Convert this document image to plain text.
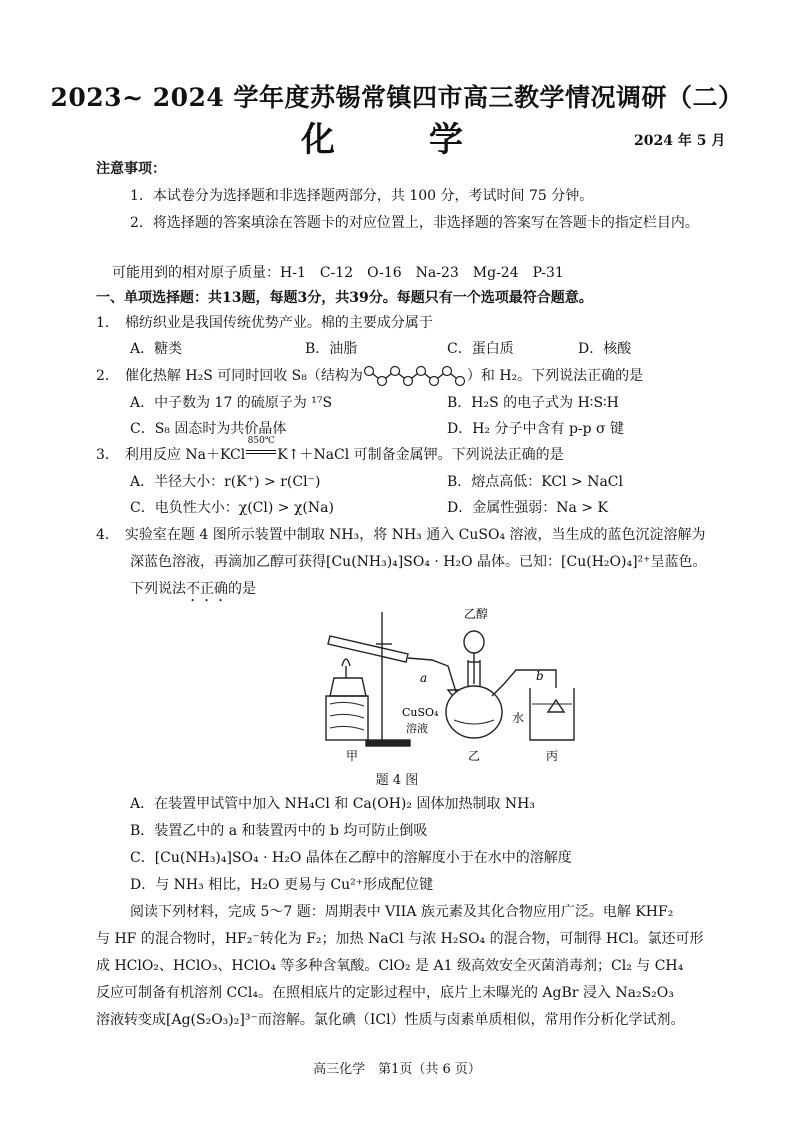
2023~ 2024 学年度苏锡常镇四市高三教学情况调研（二）
化　学	2024 年 5 月
注意事项：
1．本试卷分为选择题和非选择题两部分，共 100 分，考试时间 75 分钟。
2．将选择题的答案填涂在答题卡的对应位置上，非选择题的答案写在答题卡的指定栏目内。
可能用到的相对原子质量：H-1　C-12　O-16　Na-23　Mg-24　P-31
一、单项选择题：共13题，每题3分，共39分。每题只有一个选项最符合题意。
1． 棉纺织业是我国传统优势产业。棉的主要成分属于
A．糖类	B．油脂	C．蛋白质	D．核酸
2． 催化热解 H₂S 可同时回收 S₈（结构为	）和 H₂。下列说法正确的是
A．中子数为 17 的硫原子为 ¹⁷S	B．H₂S 的电子式为 H∶S∶H
C．S₈ 固态时为共价晶体	D．H₂ 分子中含有 p-p σ 键
3． 利用反应 Na＋KCl
850℃
K↑＋NaCl 可制备金属钾。下列说法正确的是
A．半径大小：r(K⁺) > r(Cl⁻)	B．熔点高低：KCl > NaCl
C．电负性大小：χ(Cl) > χ(Na)	D．金属性强弱：Na > K
4． 实验室在题 4 图所示装置中制取 NH₃，将 NH₃ 通入 CuSO₄ 溶液，当生成的蓝色沉淀溶解为
深蓝色溶液，再滴加乙醇可获得[Cu(NH₃)₄]SO₄ · H₂O 晶体。已知：[Cu(H₂O)₄]²⁺呈蓝色。
下列说法不正确的是
乙醇
a	b
CuSO₄
溶液
水
甲	乙	丙
题 4 图
A．在装置甲试管中加入 NH₄Cl 和 Ca(OH)₂ 固体加热制取 NH₃
B．装置乙中的 a 和装置丙中的 b 均可防止倒吸
C．[Cu(NH₃)₄]SO₄ · H₂O 晶体在乙醇中的溶解度小于在水中的溶解度
D．与 NH₃ 相比，H₂O 更易与 Cu²⁺形成配位键
阅读下列材料，完成 5～7 题：周期表中 VIIA 族元素及其化合物应用广泛。电解 KHF₂
与 HF 的混合物时，HF₂⁻转化为 F₂；加热 NaCl 与浓 H₂SO₄ 的混合物，可制得 HCl。氯还可形
成 HClO₂、HClO₃、HClO₄ 等多种含氧酸。ClO₂ 是 A1 级高效安全灭菌消毒剂；Cl₂ 与 CH₄
反应可制备有机溶剂 CCl₄。在照相底片的定影过程中，底片上未曝光的 AgBr 浸入 Na₂S₂O₃
溶液转变成[Ag(S₂O₃)₂]³⁻而溶解。氯化碘（ICl）性质与卤素单质相似，常用作分析化学试剂。
高三化学　第1页（共 6 页）
